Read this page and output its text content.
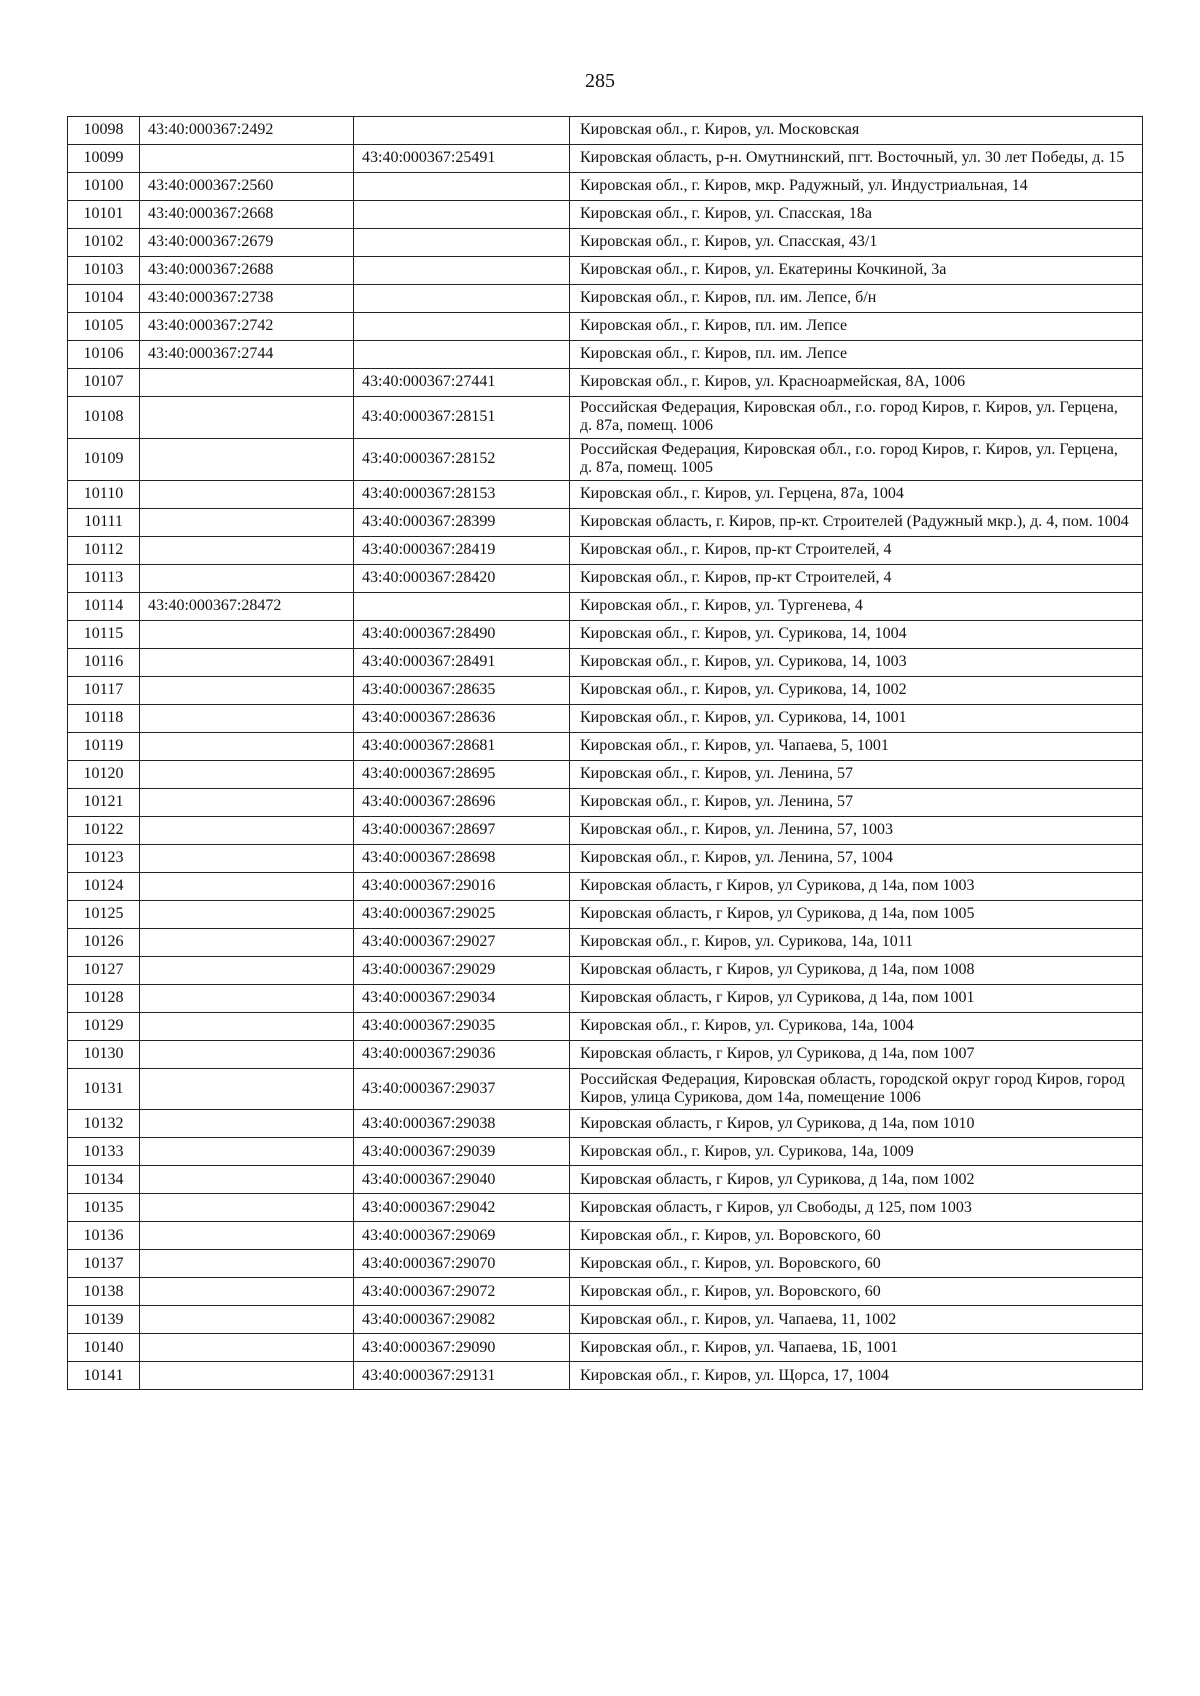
285
10098	43:40:000367:2492		Кировская обл., г. Киров, ул. Московская
10099		43:40:000367:25491	Кировская область, р-н. Омутнинский, пгт. Восточный, ул. 30 лет Победы, д. 15
10100	43:40:000367:2560		Кировская обл., г. Киров, мкр. Радужный, ул. Индустриальная, 14
10101	43:40:000367:2668		Кировская обл., г. Киров, ул. Спасская, 18а
10102	43:40:000367:2679		Кировская обл., г. Киров, ул. Спасская, 43/1
10103	43:40:000367:2688		Кировская обл., г. Киров, ул. Екатерины Кочкиной, 3а
10104	43:40:000367:2738		Кировская обл., г. Киров, пл. им. Лепсе, б/н
10105	43:40:000367:2742		Кировская обл., г. Киров, пл. им. Лепсе
10106	43:40:000367:2744		Кировская обл., г. Киров, пл. им. Лепсе
10107		43:40:000367:27441	Кировская обл., г. Киров, ул. Красноармейская, 8А, 1006
10108		43:40:000367:28151	Российская Федерация, Кировская обл., г.о. город Киров, г. Киров, ул. Герцена, д. 87а, помещ. 1006
10109		43:40:000367:28152	Российская Федерация, Кировская обл., г.о. город Киров, г. Киров, ул. Герцена, д. 87а, помещ. 1005
10110		43:40:000367:28153	Кировская обл., г. Киров, ул. Герцена, 87а, 1004
10111		43:40:000367:28399	Кировская область, г. Киров, пр-кт. Строителей (Радужный мкр.), д. 4, пом. 1004
10112		43:40:000367:28419	Кировская обл., г. Киров, пр-кт Строителей, 4
10113		43:40:000367:28420	Кировская обл., г. Киров, пр-кт Строителей, 4
10114	43:40:000367:28472		Кировская обл., г. Киров, ул. Тургенева, 4
10115		43:40:000367:28490	Кировская обл., г. Киров, ул. Сурикова, 14, 1004
10116		43:40:000367:28491	Кировская обл., г. Киров, ул. Сурикова, 14, 1003
10117		43:40:000367:28635	Кировская обл., г. Киров, ул. Сурикова, 14, 1002
10118		43:40:000367:28636	Кировская обл., г. Киров, ул. Сурикова, 14, 1001
10119		43:40:000367:28681	Кировская обл., г. Киров, ул. Чапаева, 5, 1001
10120		43:40:000367:28695	Кировская обл., г. Киров, ул. Ленина, 57
10121		43:40:000367:28696	Кировская обл., г. Киров, ул. Ленина, 57
10122		43:40:000367:28697	Кировская обл., г. Киров, ул. Ленина, 57, 1003
10123		43:40:000367:28698	Кировская обл., г. Киров, ул. Ленина, 57, 1004
10124		43:40:000367:29016	Кировская область, г Киров, ул Сурикова, д 14а, пом 1003
10125		43:40:000367:29025	Кировская область, г Киров, ул Сурикова, д 14а, пом 1005
10126		43:40:000367:29027	Кировская обл., г. Киров, ул. Сурикова, 14а, 1011
10127		43:40:000367:29029	Кировская область, г Киров, ул Сурикова, д 14а, пом 1008
10128		43:40:000367:29034	Кировская область, г Киров, ул Сурикова, д 14а, пом 1001
10129		43:40:000367:29035	Кировская обл., г. Киров, ул. Сурикова, 14а, 1004
10130		43:40:000367:29036	Кировская область, г Киров, ул Сурикова, д 14а, пом 1007
10131		43:40:000367:29037	Российская Федерация, Кировская область, городской округ город Киров, город Киров, улица Сурикова, дом 14а, помещение 1006
10132		43:40:000367:29038	Кировская область, г Киров, ул Сурикова, д 14а, пом 1010
10133		43:40:000367:29039	Кировская обл., г. Киров, ул. Сурикова, 14а, 1009
10134		43:40:000367:29040	Кировская область, г Киров, ул Сурикова, д 14а, пом 1002
10135		43:40:000367:29042	Кировская область, г Киров, ул Свободы, д 125, пом 1003
10136		43:40:000367:29069	Кировская обл., г. Киров, ул. Воровского, 60
10137		43:40:000367:29070	Кировская обл., г. Киров, ул. Воровского, 60
10138		43:40:000367:29072	Кировская обл., г. Киров, ул. Воровского, 60
10139		43:40:000367:29082	Кировская обл., г. Киров, ул. Чапаева, 11, 1002
10140		43:40:000367:29090	Кировская обл., г. Киров, ул. Чапаева, 1Б, 1001
10141		43:40:000367:29131	Кировская обл., г. Киров, ул. Щорса, 17, 1004
